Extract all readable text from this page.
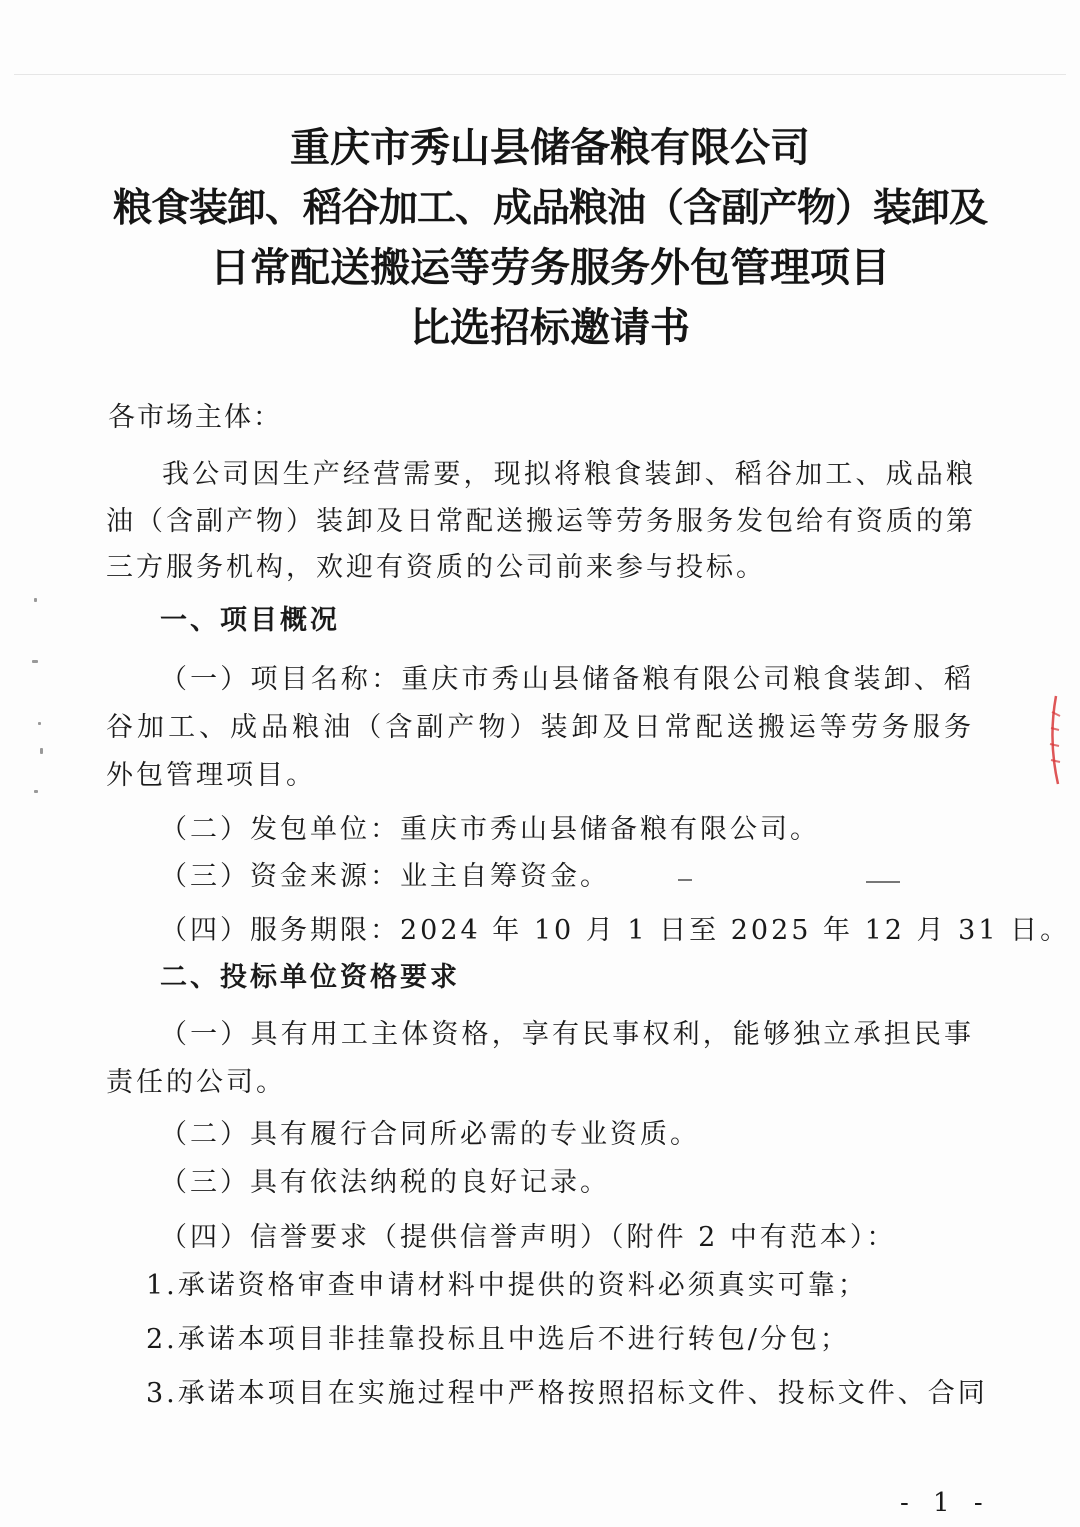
重庆市秀山县储备粮有限公司
粮食装卸、稻谷加工、成品粮油（含副产物）装卸及
日常配送搬运等劳务服务外包管理项目
比选招标邀请书
各市场主体：
我公司因生产经营需要，现拟将粮食装卸、稻谷加工、成品粮油（含副产物）装卸及日常配送搬运等劳务服务发包给有资质的第三方服务机构，欢迎有资质的公司前来参与投标。
一、项目概况
（一）项目名称：重庆市秀山县储备粮有限公司粮食装卸、稻谷加工、成品粮油（含副产物）装卸及日常配送搬运等劳务服务外包管理项目。
（二）发包单位：重庆市秀山县储备粮有限公司。
（三）资金来源：业主自筹资金。
（四）服务期限：2024 年 10 月 1 日至 2025 年 12 月 31 日。
二、投标单位资格要求
（一）具有用工主体资格，享有民事权利，能够独立承担民事责任的公司。
（二）具有履行合同所必需的专业资质。
（三）具有依法纳税的良好记录。
（四）信誉要求（提供信誉声明）（附件 2 中有范本）：
1.承诺资格审查申请材料中提供的资料必须真实可靠；
2.承诺本项目非挂靠投标且中选后不进行转包/分包；
3.承诺本项目在实施过程中严格按照招标文件、投标文件、合同
- 1 -
